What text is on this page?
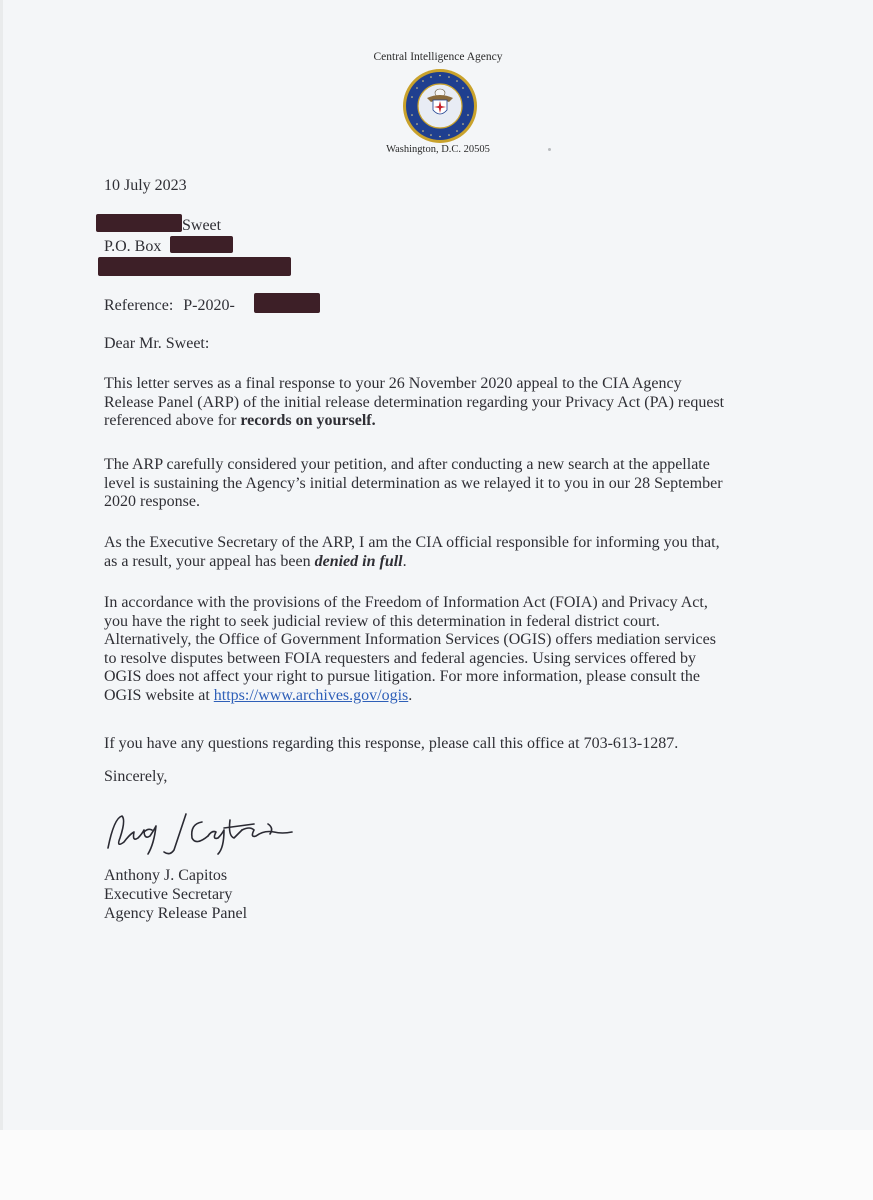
Central Intelligence Agency
Washington, D.C. 20505
10 July 2023
Sweet
P.O. Box
Reference: P-2020-
Dear Mr. Sweet:
This letter serves as a final response to your 26 November 2020 appeal to the CIA Agency
Release Panel (ARP) of the initial release determination regarding your Privacy Act (PA) request
referenced above for records on yourself.
The ARP carefully considered your petition, and after conducting a new search at the appellate
level is sustaining the Agency’s initial determination as we relayed it to you in our 28 September
2020 response.
As the Executive Secretary of the ARP, I am the CIA official responsible for informing you that,
as a result, your appeal has been denied in full.
In accordance with the provisions of the Freedom of Information Act (FOIA) and Privacy Act,
you have the right to seek judicial review of this determination in federal district court.
Alternatively, the Office of Government Information Services (OGIS) offers mediation services
to resolve disputes between FOIA requesters and federal agencies. Using services offered by
OGIS does not affect your right to pursue litigation. For more information, please consult the
OGIS website at https://www.archives.gov/ogis.
If you have any questions regarding this response, please call this office at 703-613-1287.
Sincerely,
Anthony J. Capitos
Executive Secretary
Agency Release Panel
